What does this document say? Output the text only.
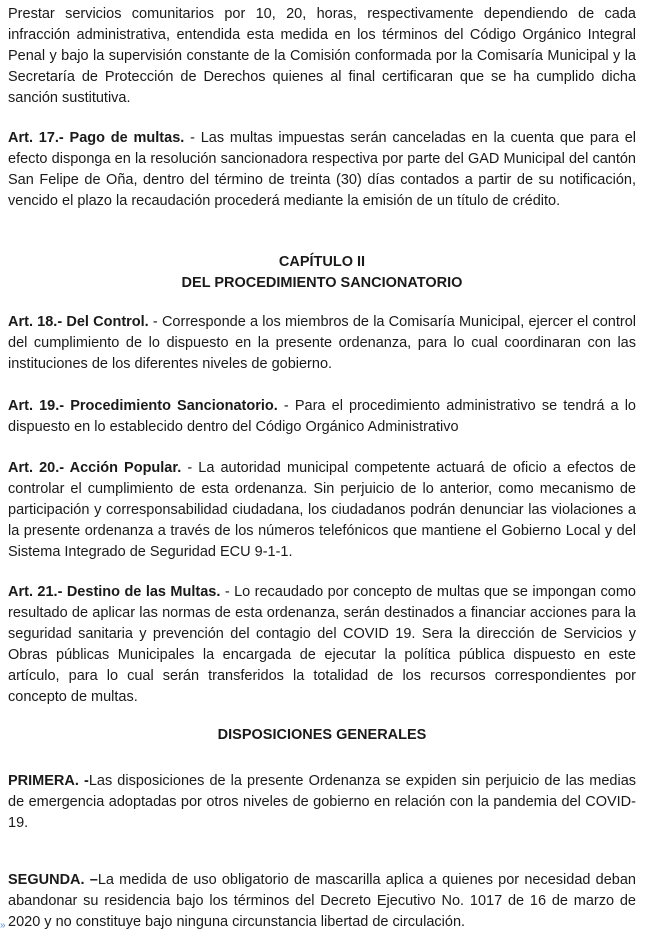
Prestar servicios comunitarios por 10, 20, horas, respectivamente dependiendo de cada infracción administrativa, entendida esta medida en los términos del Código Orgánico Integral Penal y bajo la supervisión constante de la Comisión conformada por la Comisaría Municipal y la Secretaría de Protección de Derechos quienes al final certificaran que se ha cumplido dicha sanción sustitutiva.

Art. 17.- Pago de multas. - Las multas impuestas serán canceladas en la cuenta que para el efecto disponga en la resolución sancionadora respectiva por parte del GAD Municipal del cantón San Felipe de Oña, dentro del término de treinta (30) días contados a partir de su notificación, vencido el plazo la recaudación procederá mediante la emisión de un título de crédito.

CAPÍTULO II
DEL PROCEDIMIENTO SANCIONATORIO

Art. 18.- Del Control. - Corresponde a los miembros de la Comisaría Municipal, ejercer el control del cumplimiento de lo dispuesto en la presente ordenanza, para lo cual coordinaran con las instituciones de los diferentes niveles de gobierno.

Art. 19.- Procedimiento Sancionatorio. - Para el procedimiento administrativo se tendrá a lo dispuesto en lo establecido dentro del Código Orgánico Administrativo

Art. 20.- Acción Popular. - La autoridad municipal competente actuará de oficio a efectos de controlar el cumplimiento de esta ordenanza. Sin perjuicio de lo anterior, como mecanismo de participación y corresponsabilidad ciudadana, los ciudadanos podrán denunciar las violaciones a la presente ordenanza a través de los números telefónicos que mantiene el Gobierno Local y del Sistema Integrado de Seguridad ECU 9-1-1.

Art. 21.- Destino de las Multas. - Lo recaudado por concepto de multas que se impongan como resultado de aplicar las normas de esta ordenanza, serán destinados a financiar acciones para la seguridad sanitaria y prevención del contagio del COVID 19. Sera la dirección de Servicios y Obras públicas Municipales la encargada de ejecutar la política pública dispuesto en este artículo, para lo cual serán transferidos la totalidad de los recursos correspondientes por concepto de multas.

DISPOSICIONES GENERALES

PRIMERA. -Las disposiciones de la presente Ordenanza se expiden sin perjuicio de las medias de emergencia adoptadas por otros niveles de gobierno en relación con la pandemia del COVID-19.

SEGUNDA. –La medida de uso obligatorio de mascarilla aplica a quienes por necesidad deban abandonar su residencia bajo los términos del Decreto Ejecutivo No. 1017 de 16 de marzo de 2020 y no constituye bajo ninguna circunstancia libertad de circulación.

»
